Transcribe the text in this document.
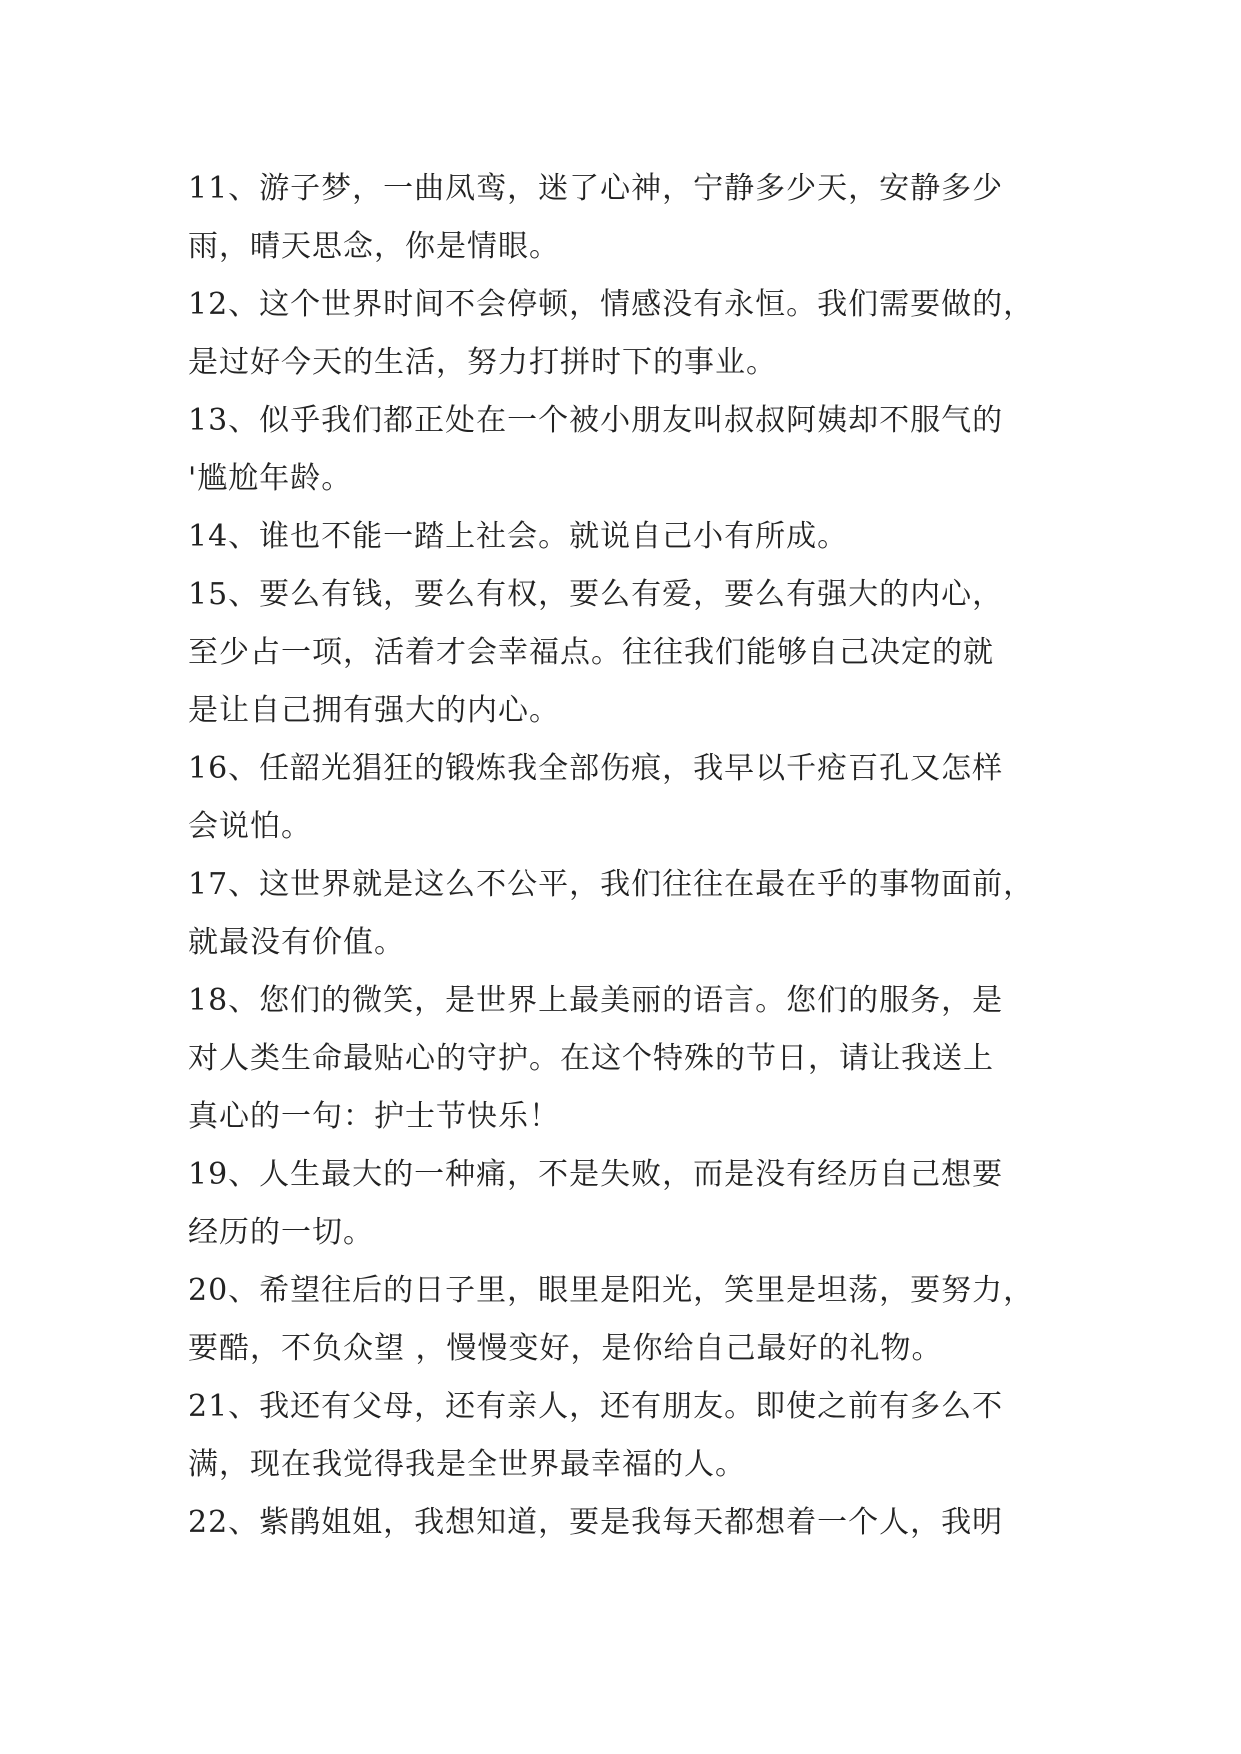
11、游子梦，一曲凤鸾，迷了心神，宁静多少天，安静多少
雨，晴天思念，你是情眼。
12、这个世界时间不会停顿，情感没有永恒。我们需要做的，
是过好今天的生活，努力打拼时下的事业。
13、似乎我们都正处在一个被小朋友叫叔叔阿姨却不服气的
'尴尬年龄。
14、谁也不能一踏上社会。就说自己小有所成。
15、要么有钱，要么有权，要么有爱，要么有强大的内心，
至少占一项，活着才会幸福点。往往我们能够自己决定的就
是让自己拥有强大的内心。
16、任韶光猖狂的锻炼我全部伤痕，我早以千疮百孔又怎样
会说怕。
17、这世界就是这么不公平，我们往往在最在乎的事物面前，
就最没有价值。
18、您们的微笑，是世界上最美丽的语言。您们的服务，是
对人类生命最贴心的守护。在这个特殊的节日，请让我送上
真心的一句：护士节快乐！
19、人生最大的一种痛，不是失败，而是没有经历自己想要
经历的一切。
20、希望往后的日子里，眼里是阳光，笑里是坦荡，要努力，
要酷，不负众望 ，慢慢变好，是你给自己最好的礼物。
21、我还有父母，还有亲人，还有朋友。即使之前有多么不
满，现在我觉得我是全世界最幸福的人。
22、紫鹃姐姐，我想知道，要是我每天都想着一个人，我明
